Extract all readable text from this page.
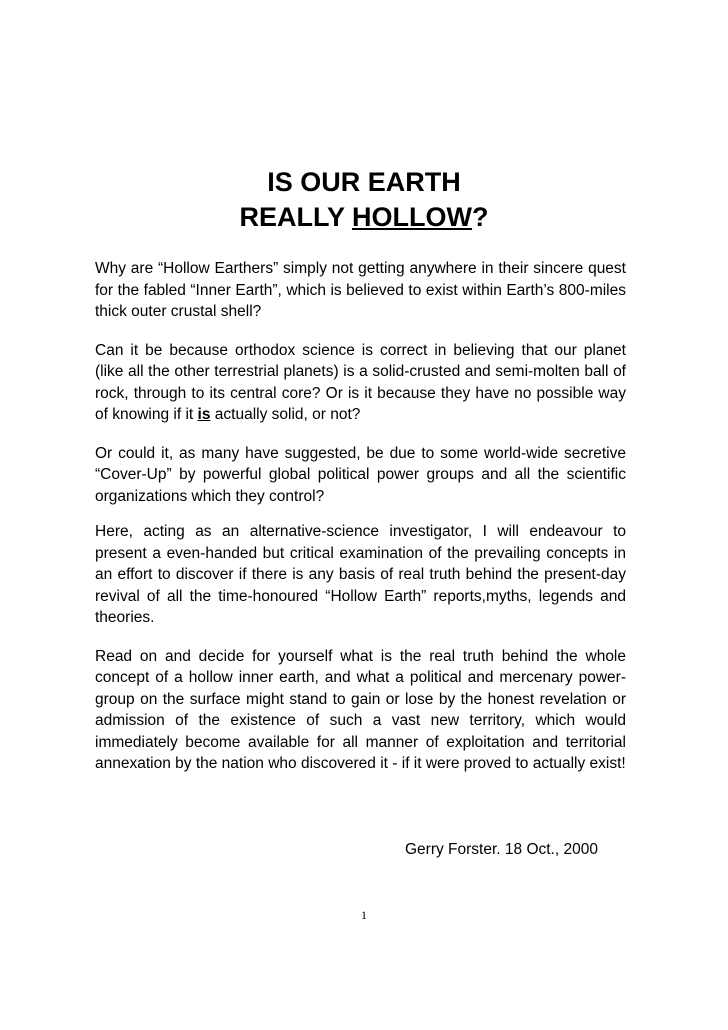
IS OUR EARTH
REALLY HOLLOW?

Why are “Hollow Earthers” simply not getting anywhere in their sincere quest for the fabled “Inner Earth”, which is believed to exist within Earth’s 800-miles thick outer crustal shell?

Can it be because orthodox science is correct in believing that our planet (like all the other terrestrial planets) is a solid-crusted and semi-molten ball of rock, through to its central core? Or is it because they have no possible way of knowing if it is actually solid, or not?

Or could it, as many have suggested, be due to some world-wide secretive “Cover-Up” by powerful global political power groups and all the scientific organizations which they control?

Here, acting as an alternative-science investigator, I will endeavour to present a even-handed but critical examination of the prevailing concepts in an effort to discover if there is any basis of real truth behind the present-day revival of all the time-honoured “Hollow Earth” reports,myths, legends and theories.

Read on and decide for yourself what is the real truth behind the whole concept of a hollow inner earth, and what a political and mercenary power-group on the surface might stand to gain or lose by the honest revelation or admission of the existence of such a vast new territory, which would immediately become available for all manner of exploitation and territorial annexation by the nation who discovered it - if it were proved to actually exist!

Gerry Forster. 18 Oct., 2000
1
